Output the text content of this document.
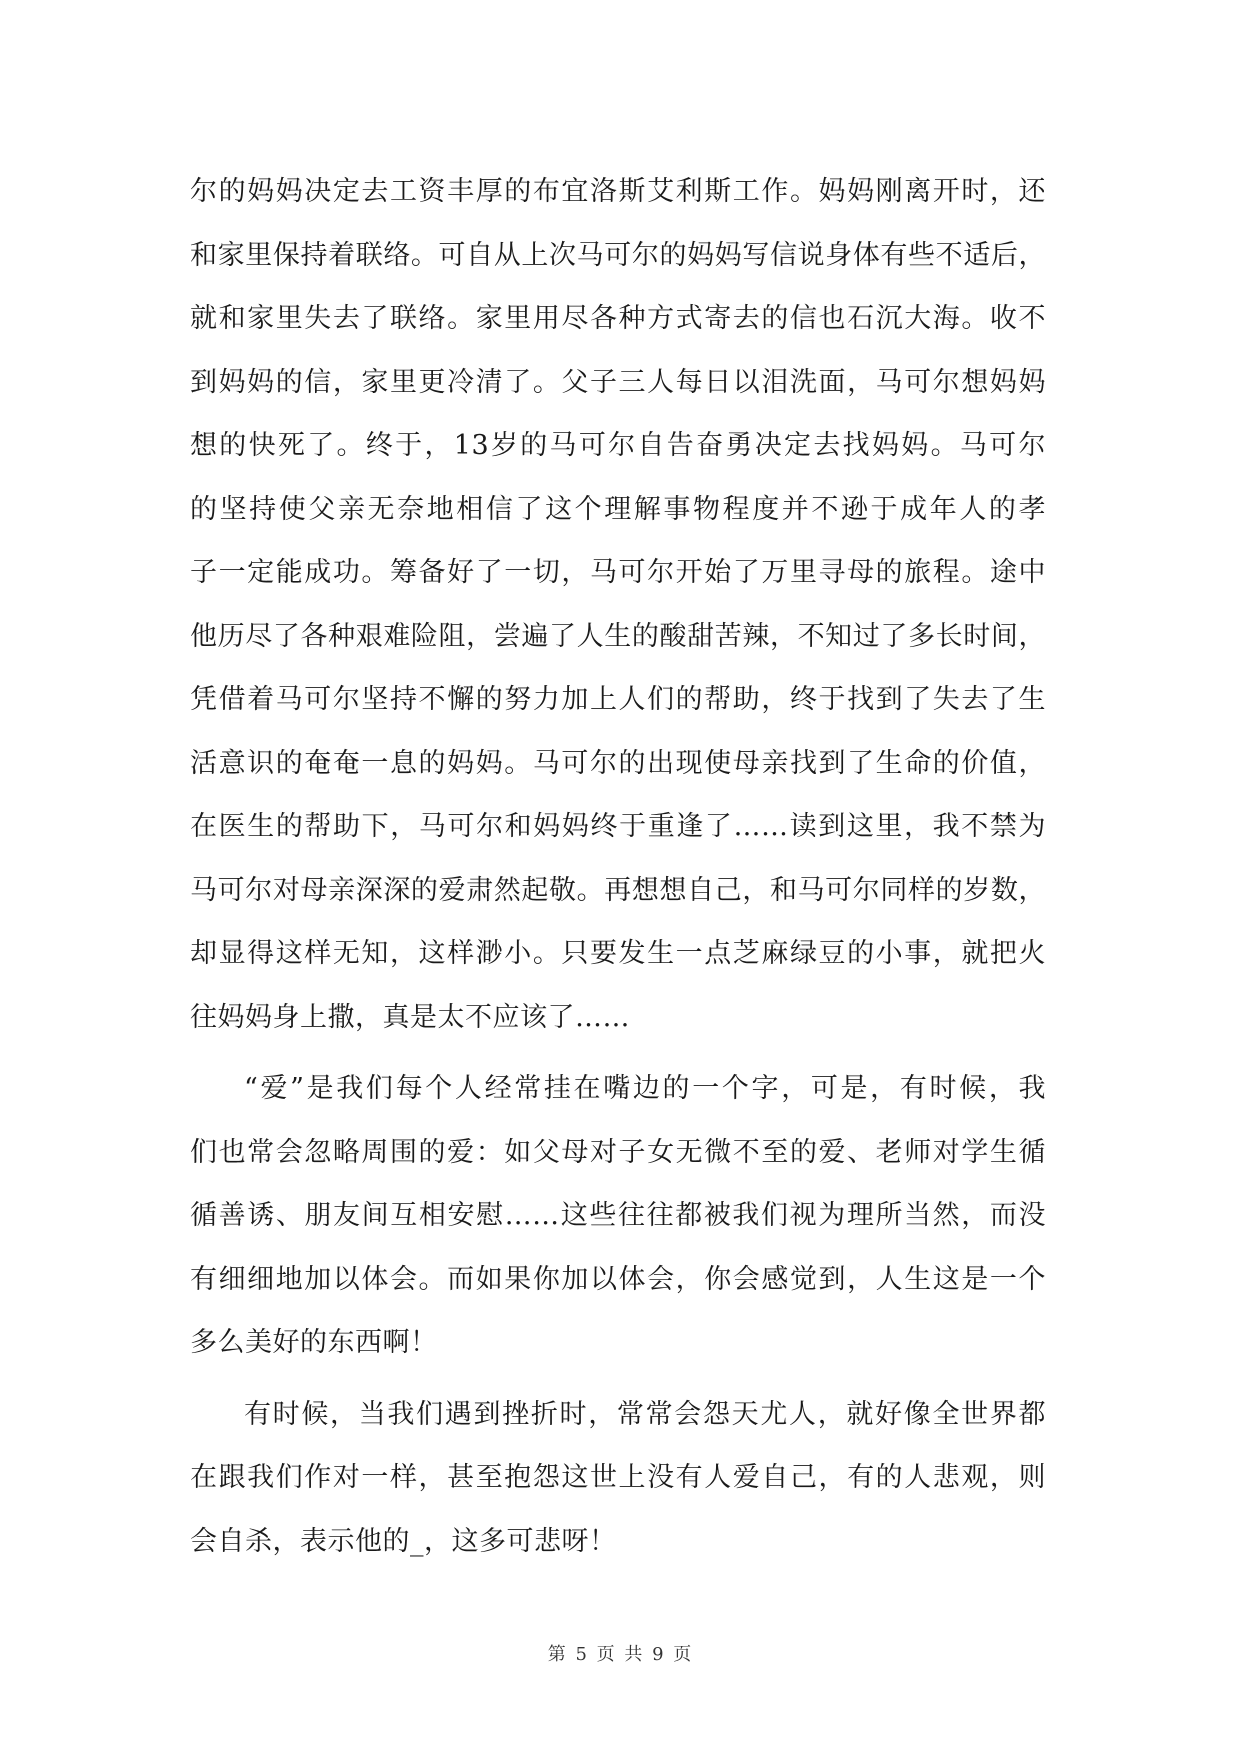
尔的妈妈决定去工资丰厚的布宜洛斯艾利斯工作。妈妈刚离开时，还
和家里保持着联络。可自从上次马可尔的妈妈写信说身体有些不适后，
就和家里失去了联络。家里用尽各种方式寄去的信也石沉大海。收不
到妈妈的信，家里更冷清了。父子三人每日以泪洗面，马可尔想妈妈
想的快死了。终于，13岁的马可尔自告奋勇决定去找妈妈。马可尔
的坚持使父亲无奈地相信了这个理解事物程度并不逊于成年人的孝
子一定能成功。筹备好了一切，马可尔开始了万里寻母的旅程。途中
他历尽了各种艰难险阻，尝遍了人生的酸甜苦辣，不知过了多长时间，
凭借着马可尔坚持不懈的努力加上人们的帮助，终于找到了失去了生
活意识的奄奄一息的妈妈。马可尔的出现使母亲找到了生命的价值，
在医生的帮助下，马可尔和妈妈终于重逢了……读到这里，我不禁为
马可尔对母亲深深的爱肃然起敬。再想想自己，和马可尔同样的岁数，
却显得这样无知，这样渺小。只要发生一点芝麻绿豆的小事，就把火
往妈妈身上撒，真是太不应该了……
“爱”是我们每个人经常挂在嘴边的一个字，可是，有时候，我
们也常会忽略周围的爱：如父母对子女无微不至的爱、老师对学生循
循善诱、朋友间互相安慰……这些往往都被我们视为理所当然，而没
有细细地加以体会。而如果你加以体会，你会感觉到，人生这是一个
多么美好的东西啊！
有时候，当我们遇到挫折时，常常会怨天尤人，就好像全世界都
在跟我们作对一样，甚至抱怨这世上没有人爱自己，有的人悲观，则
会自杀，表示他的_，这多可悲呀！
第 5 页 共 9 页
